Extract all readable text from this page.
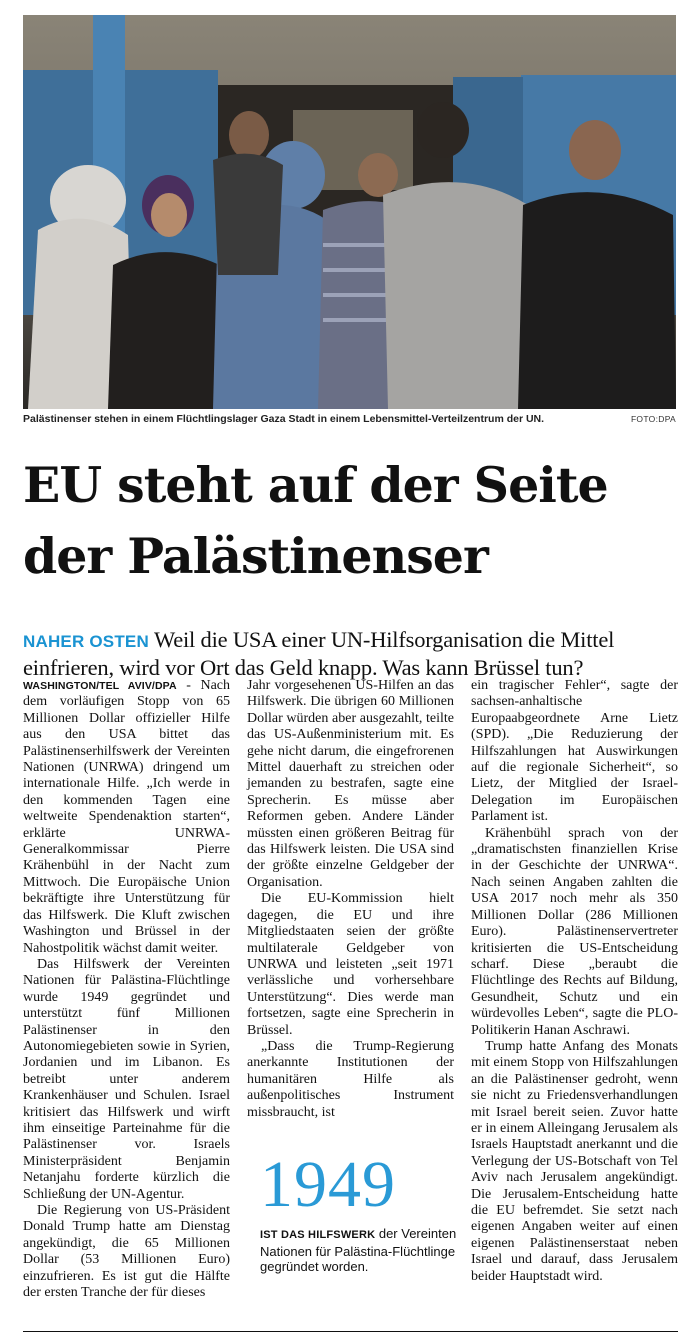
Palästinenser stehen in einem Flüchtlingslager Gaza Stadt in einem Lebensmittel-Verteilzentrum der UN.	FOTO:DPA
EU steht auf der Seite
der Palästinenser

NAHER OSTEN Weil die USA einer UN-Hilfsorganisation die Mittel
einfrieren, wird vor Ort das Geld knapp. Was kann Brüssel tun?

WASHINGTON/TEL AVIV/DPA - Nach dem vorläufigen Stopp von 65 Millionen Dollar offizieller Hilfe aus den USA bittet das Palästinenserhilfswerk der Vereinten Nationen (UNRWA) dringend um internationale Hilfe. „Ich werde in den kommenden Tagen eine weltweite Spendenaktion starten“, erklärte UNRWA-Generalkommissar Pierre Krähenbühl in der Nacht zum Mittwoch. Die Europäische Union bekräftigte ihre Unterstützung für das Hilfswerk. Die Kluft zwischen Washington und Brüssel in der Nahostpolitik wächst damit weiter.

Das Hilfswerk der Vereinten Nationen für Palästina-Flüchtlinge wurde 1949 gegründet und unterstützt fünf Millionen Palästinenser in den Autonomiegebieten sowie in Syrien, Jordanien und im Libanon. Es betreibt unter anderem Krankenhäuser und Schulen. Israel kritisiert das Hilfswerk und wirft ihm einseitige Parteinahme für die Palästinenser vor. Israels Ministerpräsident Benjamin Netanjahu forderte kürzlich die Schließung der UN-Agentur.

Die Regierung von US-Präsident Donald Trump hatte am Dienstag angekündigt, die 65 Millionen Dollar (53 Millionen Euro) einzufrieren. Es ist gut die Hälfte der ersten Tranche der für dieses

Jahr vorgesehenen US-Hilfen an das Hilfswerk. Die übrigen 60 Millionen Dollar würden aber ausgezahlt, teilte das US-Außenministerium mit. Es gehe nicht darum, die eingefrorenen Mittel dauerhaft zu streichen oder jemanden zu bestrafen, sagte eine Sprecherin. Es müsse aber Reformen geben. Andere Länder müssten einen größeren Beitrag für das Hilfswerk leisten. Die USA sind der größte einzelne Geldgeber der Organisation.

Die EU-Kommission hielt dagegen, die EU und ihre Mitgliedstaaten seien der größte multilaterale Geldgeber von UNRWA und leisteten „seit 1971 verlässliche und vorhersehbare Unterstützung“. Dies werde man fortsetzen, sagte eine Sprecherin in Brüssel.

„Dass die Trump-Regierung anerkannte Institutionen der humanitären Hilfe als außenpolitisches Instrument missbraucht, ist

1949
IST DAS HILFSWERK der Vereinten Nationen für Palästina-Flüchtlinge gegründet worden.

ein tragischer Fehler“, sagte der sachsen-anhaltische Europaabgeordnete Arne Lietz (SPD). „Die Reduzierung der Hilfszahlungen hat Auswirkungen auf die regionale Sicherheit“, so Lietz, der Mitglied der Israel-Delegation im Europäischen Parlament ist.

Krähenbühl sprach von der „dramatischsten finanziellen Krise in der Geschichte der UNRWA“. Nach seinen Angaben zahlten die USA 2017 noch mehr als 350 Millionen Dollar (286 Millionen Euro). Palästinenservertreter kritisierten die US-Entscheidung scharf. Diese „beraubt die Flüchtlinge des Rechts auf Bildung, Gesundheit, Schutz und ein würdevolles Leben“, sagte die PLO-Politikerin Hanan Aschrawi.

Trump hatte Anfang des Monats mit einem Stopp von Hilfszahlungen an die Palästinenser gedroht, wenn sie nicht zu Friedensverhandlungen mit Israel bereit seien. Zuvor hatte er in einem Alleingang Jerusalem als Israels Hauptstadt anerkannt und die Verlegung der US-Botschaft von Tel Aviv nach Jerusalem angekündigt. Die Jerusalem-Entscheidung hatte die EU befremdet. Sie setzt nach eigenen Angaben weiter auf einen eigenen Palästinenserstaat neben Israel und darauf, dass Jerusalem beider Hauptstadt wird.
